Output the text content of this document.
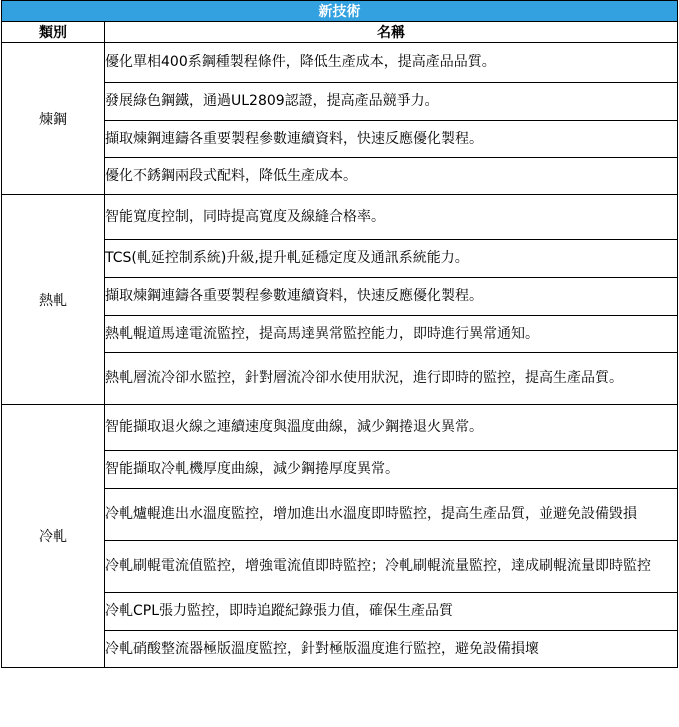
新技術	
類別	名稱
煉鋼	優化單相400系鋼種製程條件，降低生產成本，提高產品品質。
	發展綠色鋼鐵，通過UL2809認證，提高產品競爭力。
	擷取煉鋼連鑄各重要製程參數連續資料，快速反應優化製程。
	優化不銹鋼兩段式配料，降低生產成本。
熱軋	智能寬度控制，同時提高寬度及線縫合格率。
	TCS(軋延控制系統)升級,提升軋延穩定度及通訊系統能力。
	擷取煉鋼連鑄各重要製程參數連續資料，快速反應優化製程。
	熱軋輥道馬達電流監控，提高馬達異常監控能力，即時進行異常通知。
	熱軋層流冷卻水監控，針對層流冷卻水使用狀況，進行即時的監控，提高生產品質。
冷軋	智能擷取退火線之連續速度與溫度曲線，減少鋼捲退火異常。
	智能擷取冷軋機厚度曲線，減少鋼捲厚度異常。
	冷軋爐輥進出水溫度監控，增加進出水溫度即時監控，提高生產品質，並避免設備毀損
	冷軋刷輥電流值監控，增強電流值即時監控；冷軋刷輥流量監控，達成刷輥流量即時監控
	冷軋CPL張力監控，即時追蹤紀錄張力值，確保生產品質
	冷軋硝酸整流器極版溫度監控，針對極版溫度進行監控，避免設備損壞
